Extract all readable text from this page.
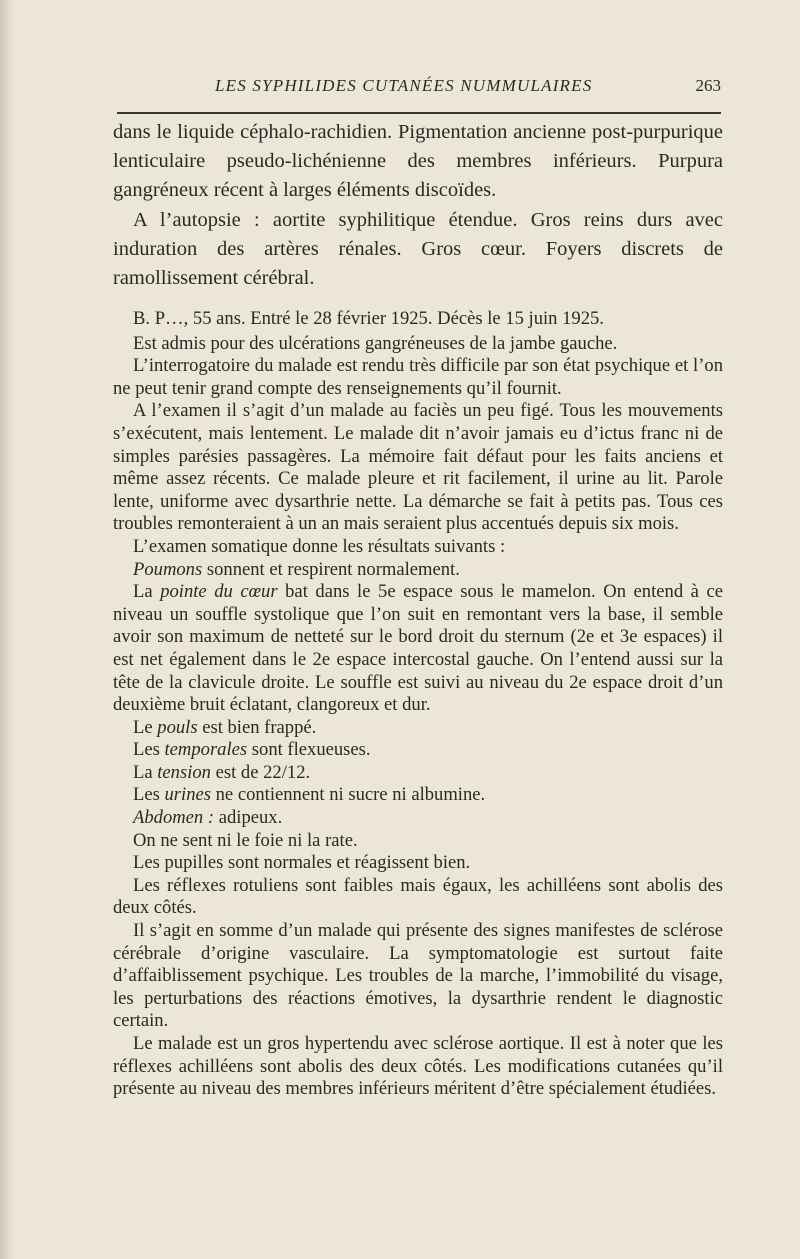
LES SYPHILIDES CUTANÉES NUMMULAIRES	263

dans le liquide céphalo-rachidien. Pigmentation ancienne post-purpurique lenticulaire pseudo-lichénienne des membres inférieurs. Purpura gangréneux récent à larges éléments discoïdes.

A l’autopsie : aortite syphilitique étendue. Gros reins durs avec induration des artères rénales. Gros cœur. Foyers discrets de ramollissement cérébral.

B. P…, 55 ans. Entré le 28 février 1925. Décès le 15 juin 1925.

Est admis pour des ulcérations gangréneuses de la jambe gauche.

L’interrogatoire du malade est rendu très difficile par son état psychique et l’on ne peut tenir grand compte des renseignements qu’il fournit.

A l’examen il s’agit d’un malade au faciès un peu figé. Tous les mouvements s’exécutent, mais lentement. Le malade dit n’avoir jamais eu d’ictus franc ni de simples parésies passagères. La mémoire fait défaut pour les faits anciens et même assez récents. Ce malade pleure et rit facilement, il urine au lit. Parole lente, uniforme avec dysarthrie nette. La démarche se fait à petits pas. Tous ces troubles remonteraient à un an mais seraient plus accentués depuis six mois.

L’examen somatique donne les résultats suivants :

Poumons sonnent et respirent normalement.

La pointe du cœur bat dans le 5e espace sous le mamelon. On entend à ce niveau un souffle systolique que l’on suit en remontant vers la base, il semble avoir son maximum de netteté sur le bord droit du sternum (2e et 3e espaces) il est net également dans le 2e espace intercostal gauche. On l’entend aussi sur la tête de la clavicule droite. Le souffle est suivi au niveau du 2e espace droit d’un deuxième bruit éclatant, clangoreux et dur.

Le pouls est bien frappé.

Les temporales sont flexueuses.

La tension est de 22/12.

Les urines ne contiennent ni sucre ni albumine.

Abdomen : adipeux.

On ne sent ni le foie ni la rate.

Les pupilles sont normales et réagissent bien.

Les réflexes rotuliens sont faibles mais égaux, les achilléens sont abolis des deux côtés.

Il s’agit en somme d’un malade qui présente des signes manifestes de sclérose cérébrale d’origine vasculaire. La symptomatologie est surtout faite d’affaiblissement psychique. Les troubles de la marche, l’immobilité du visage, les perturbations des réactions émotives, la dysarthrie rendent le diagnostic certain.

Le malade est un gros hypertendu avec sclérose aortique. Il est à noter que les réflexes achilléens sont abolis des deux côtés. Les modifications cutanées qu’il présente au niveau des membres inférieurs méritent d’être spécialement étudiées.
